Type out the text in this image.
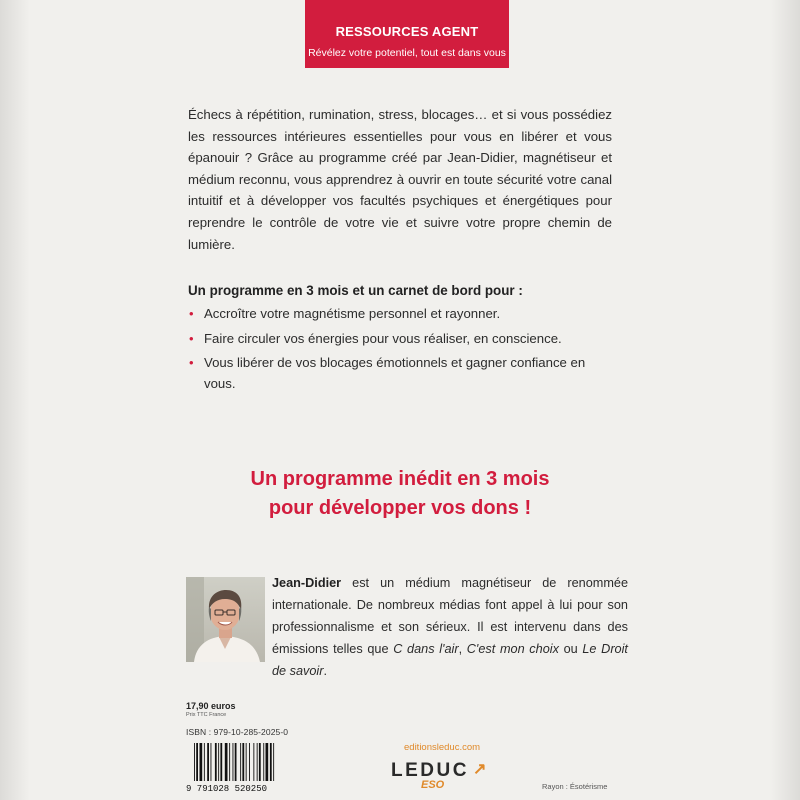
RESSOURCES AGENT
Révélez votre potentiel, tout est dans vous

Échecs à répétition, rumination, stress, blocages… et si vous possédiez les ressources intérieures essentielles pour vous en libérer et vous épanouir ? Grâce au programme créé par Jean-Didier, magnétiseur et médium reconnu, vous apprendrez à ouvrir en toute sécurité votre canal intuitif et à développer vos facultés psychiques et énergétiques pour reprendre le contrôle de votre vie et suivre votre propre chemin de lumière.

Un programme en 3 mois et un carnet de bord pour :

• Accroître votre magnétisme personnel et rayonner.
• Faire circuler vos énergies pour vous réaliser, en conscience.
• Vous libérer de vos blocages émotionnels et gagner confiance en vous.
Un programme inédit en 3 mois
pour développer vos dons !

Jean-Didier est un médium magnétiseur de renommée internationale. De nombreux médias font appel à lui pour son professionnalisme et son sérieux. Il est intervenu dans des émissions telles que C dans l'air, C'est mon choix ou Le Droit de savoir.

17,90 euros
Prix TTC France
ISBN : 979-10-285-2025-0
9 791028 520250
editionsleduc.com
LEDUC ↗
ESO	Rayon : Ésotérisme
